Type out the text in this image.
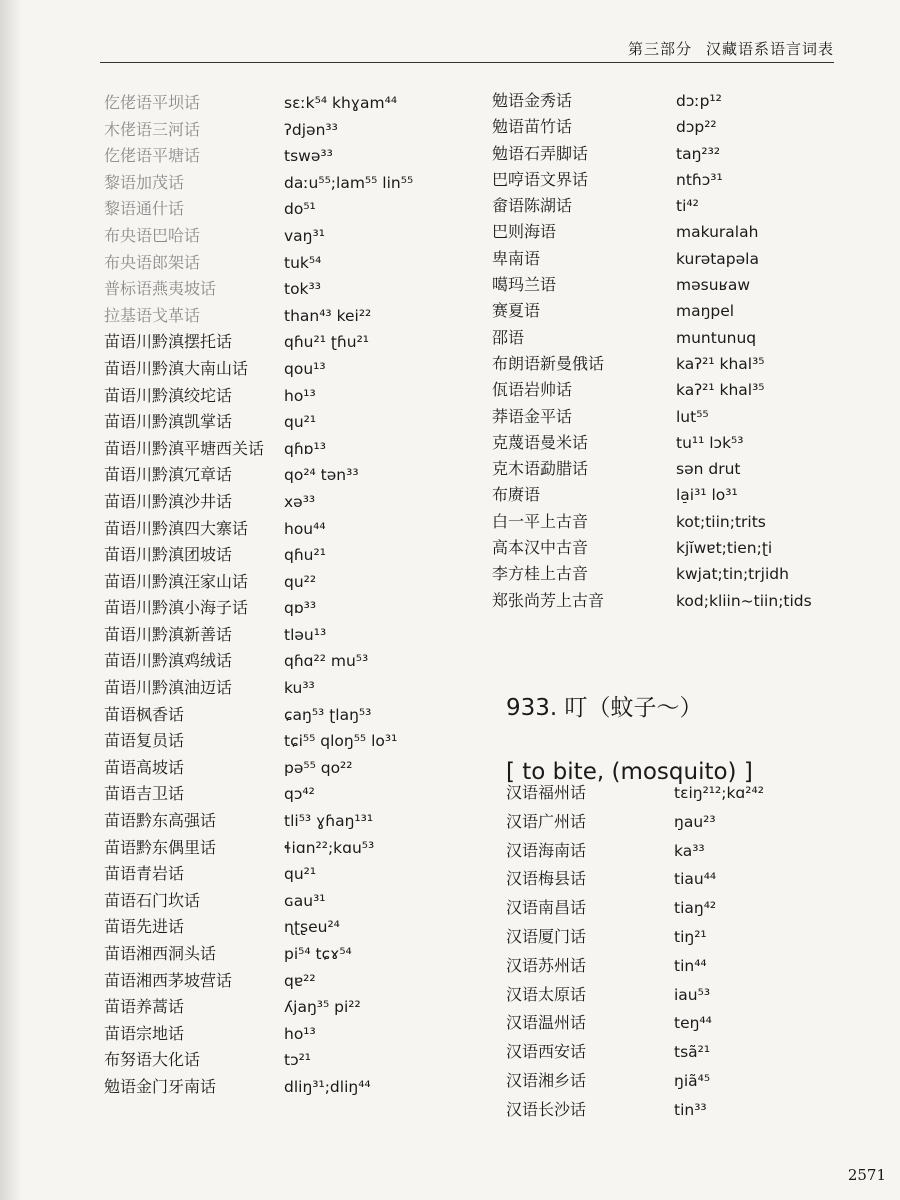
第三部分 汉藏语系语言词表
仡佬语平坝话	sɛːk⁵⁴ khɣam⁴⁴
木佬语三河话	ʔdjən³³
仡佬语平塘话	tswə³³
黎语加茂话	daːu⁵⁵;lam⁵⁵ lin⁵⁵
黎语通什话	do⁵¹
布央语巴哈话	vaŋ³¹
布央语郎架话	tuk⁵⁴
普标语燕夷坡话	tok³³
拉基语戈革话	than⁴³ kei²²
苗语川黔滇摆托话	qɦu²¹ ʈɦu²¹
苗语川黔滇大南山话	qou¹³
苗语川黔滇绞坨话	ho¹³
苗语川黔滇凯掌话	qu²¹
苗语川黔滇平塘西关话	qɦɒ¹³
苗语川黔滇冗章话	qo²⁴ tən³³
苗语川黔滇沙井话	xə³³
苗语川黔滇四大寨话	hou⁴⁴
苗语川黔滇团坡话	qɦu²¹
苗语川黔滇汪家山话	qu²²
苗语川黔滇小海子话	qɒ³³
苗语川黔滇新善话	tləu¹³
苗语川黔滇鸡绒话	qɦɑ²² mu⁵³
苗语川黔滇油迈话	ku³³
苗语枫香话	ɕaŋ⁵³ ʈlaŋ⁵³
苗语复员话	tɕi⁵⁵ qloŋ⁵⁵ lo³¹
苗语高坡话	pə⁵⁵ qo²²
苗语吉卫话	qɔ⁴²
苗语黔东高强话	tli⁵³ ɣɦaŋ¹³¹
苗语黔东偶里话	ɬiɑn²²;kɑu⁵³
苗语青岩话	qu²¹
苗语石门坎话	ɢau³¹
苗语先进话	ɳʈʂeu²⁴
苗语湘西洞头话	pi⁵⁴ tɕɤ⁵⁴
苗语湘西茅坡营话	qɐ²²
苗语养蒿话	ʎjaŋ³⁵ pi²²
苗语宗地话	ho¹³
布努语大化话	tɔ²¹
勉语金门牙南话	dliŋ³¹;dliŋ⁴⁴
勉语金秀话	dɔːp¹²
勉语苗竹话	dɔp²²
勉语石弄脚话	taŋ²³²
巴哼语文界话	ntɦɔ³¹
畲语陈湖话	ti⁴²
巴则海语	makuralah
卑南语	kurətapəla
噶玛兰语	məsuʁaw
赛夏语	maŋpel
邵语	muntunuq
布朗语新曼俄话	kaʔ²¹ khal³⁵
佤语岩帅话	kaʔ²¹ khal³⁵
莽语金平话	lut⁵⁵
克蔑语曼米话	tu¹¹ lɔk⁵³
克木语勐腊话	sən drut
布赓语	la̠i³¹ lo³¹
白一平上古音	kot;tiin;trits
高本汉中古音	kjĭwɐt;tien;ʈi
李方桂上古音	kwjat;tin;trjidh
郑张尚芳上古音	kod;kliin~tiin;tids
933. 叮（蚊子～）
[ to bite, (mosquito) ]
汉语福州话	tɛiŋ²¹²;kɑ²⁴²
汉语广州话	ŋau²³
汉语海南话	ka³³
汉语梅县话	tiau⁴⁴
汉语南昌话	tiaŋ⁴²
汉语厦门话	tiŋ²¹
汉语苏州话	tin⁴⁴
汉语太原话	iau⁵³
汉语温州话	teŋ⁴⁴
汉语西安话	tsã²¹
汉语湘乡话	ŋiã⁴⁵
汉语长沙话	tin³³
2571
